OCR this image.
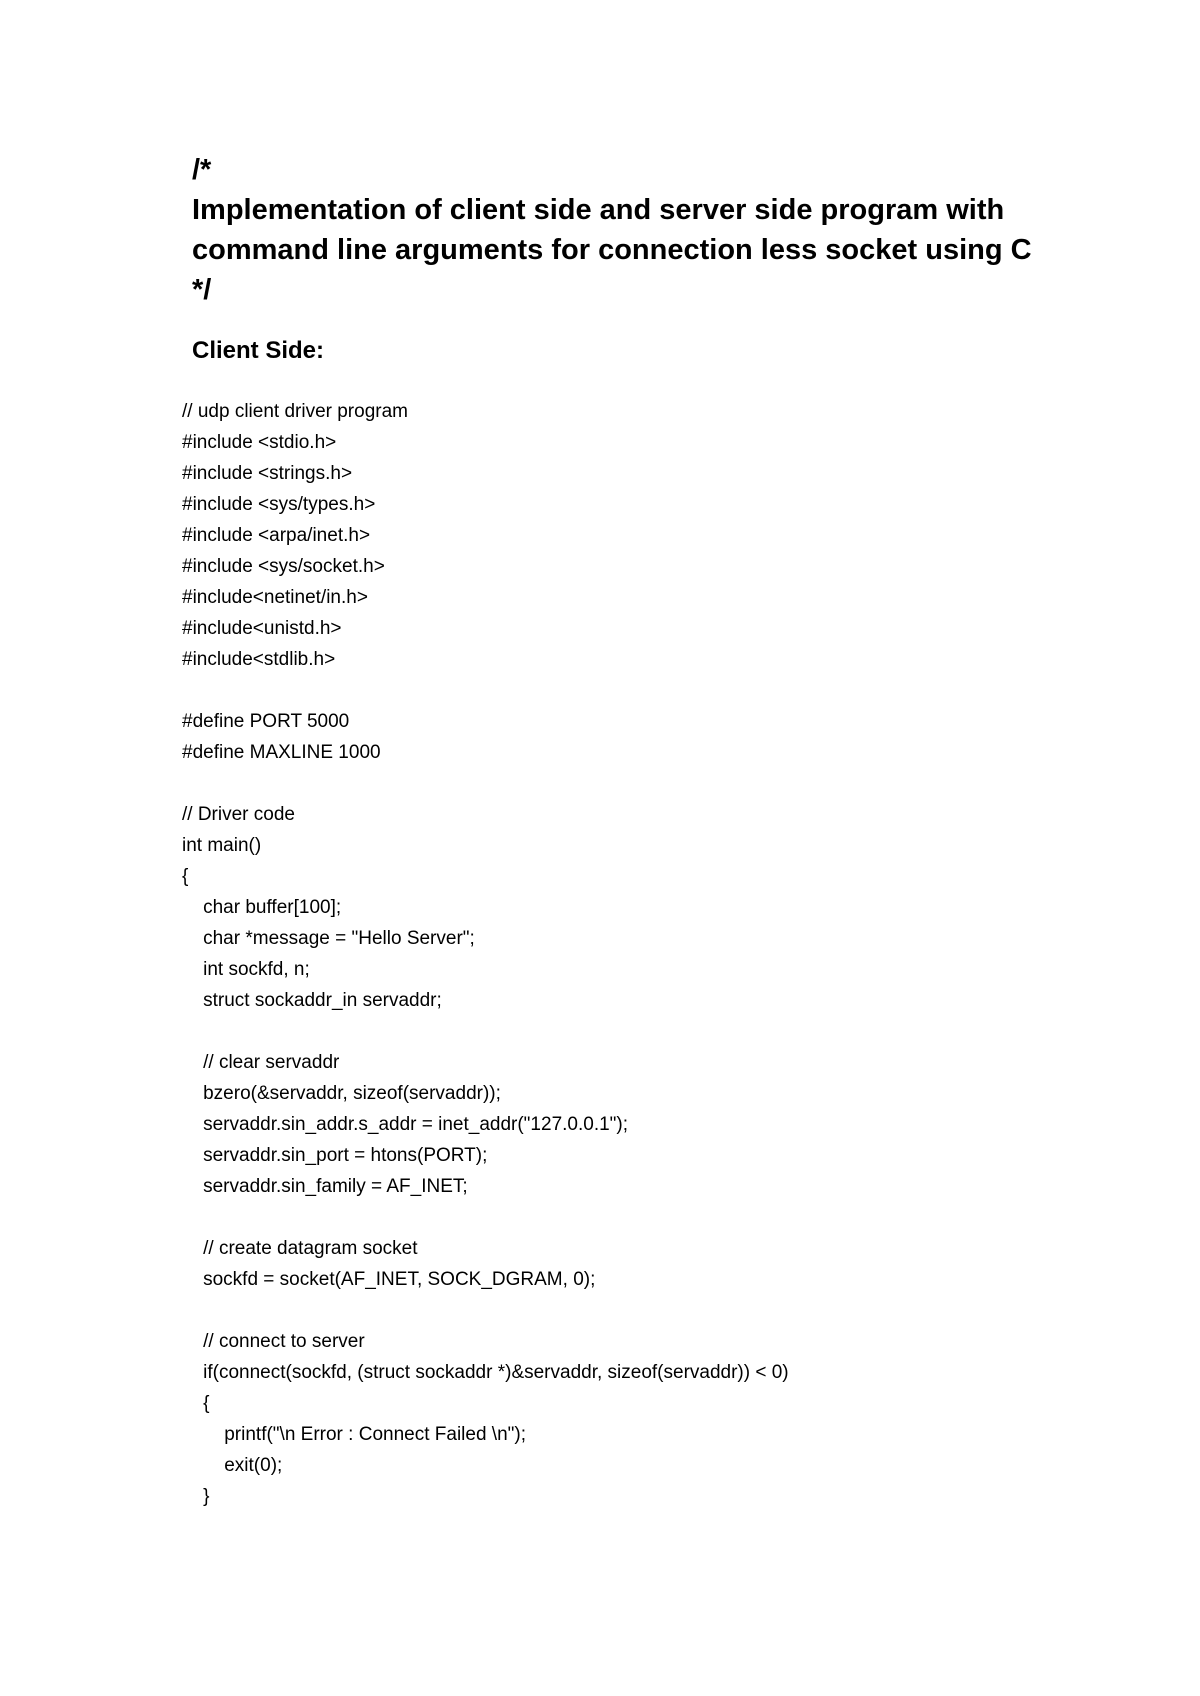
/*
Implementation of client side and server side program with
command line arguments for connection less socket using C
*/
Client Side:
// udp client driver program
#include <stdio.h>
#include <strings.h>
#include <sys/types.h>
#include <arpa/inet.h>
#include <sys/socket.h>
#include<netinet/in.h>
#include<unistd.h>
#include<stdlib.h>
#define PORT 5000
#define MAXLINE 1000
// Driver code
int main()
{
char buffer[100];
char *message = "Hello Server";
int sockfd, n;
struct sockaddr_in servaddr;
// clear servaddr
bzero(&servaddr, sizeof(servaddr));
servaddr.sin_addr.s_addr = inet_addr("127.0.0.1");
servaddr.sin_port = htons(PORT);
servaddr.sin_family = AF_INET;
// create datagram socket
sockfd = socket(AF_INET, SOCK_DGRAM, 0);
// connect to server
if(connect(sockfd, (struct sockaddr *)&servaddr, sizeof(servaddr)) < 0)
{
printf("\n Error : Connect Failed \n");
exit(0);
}
